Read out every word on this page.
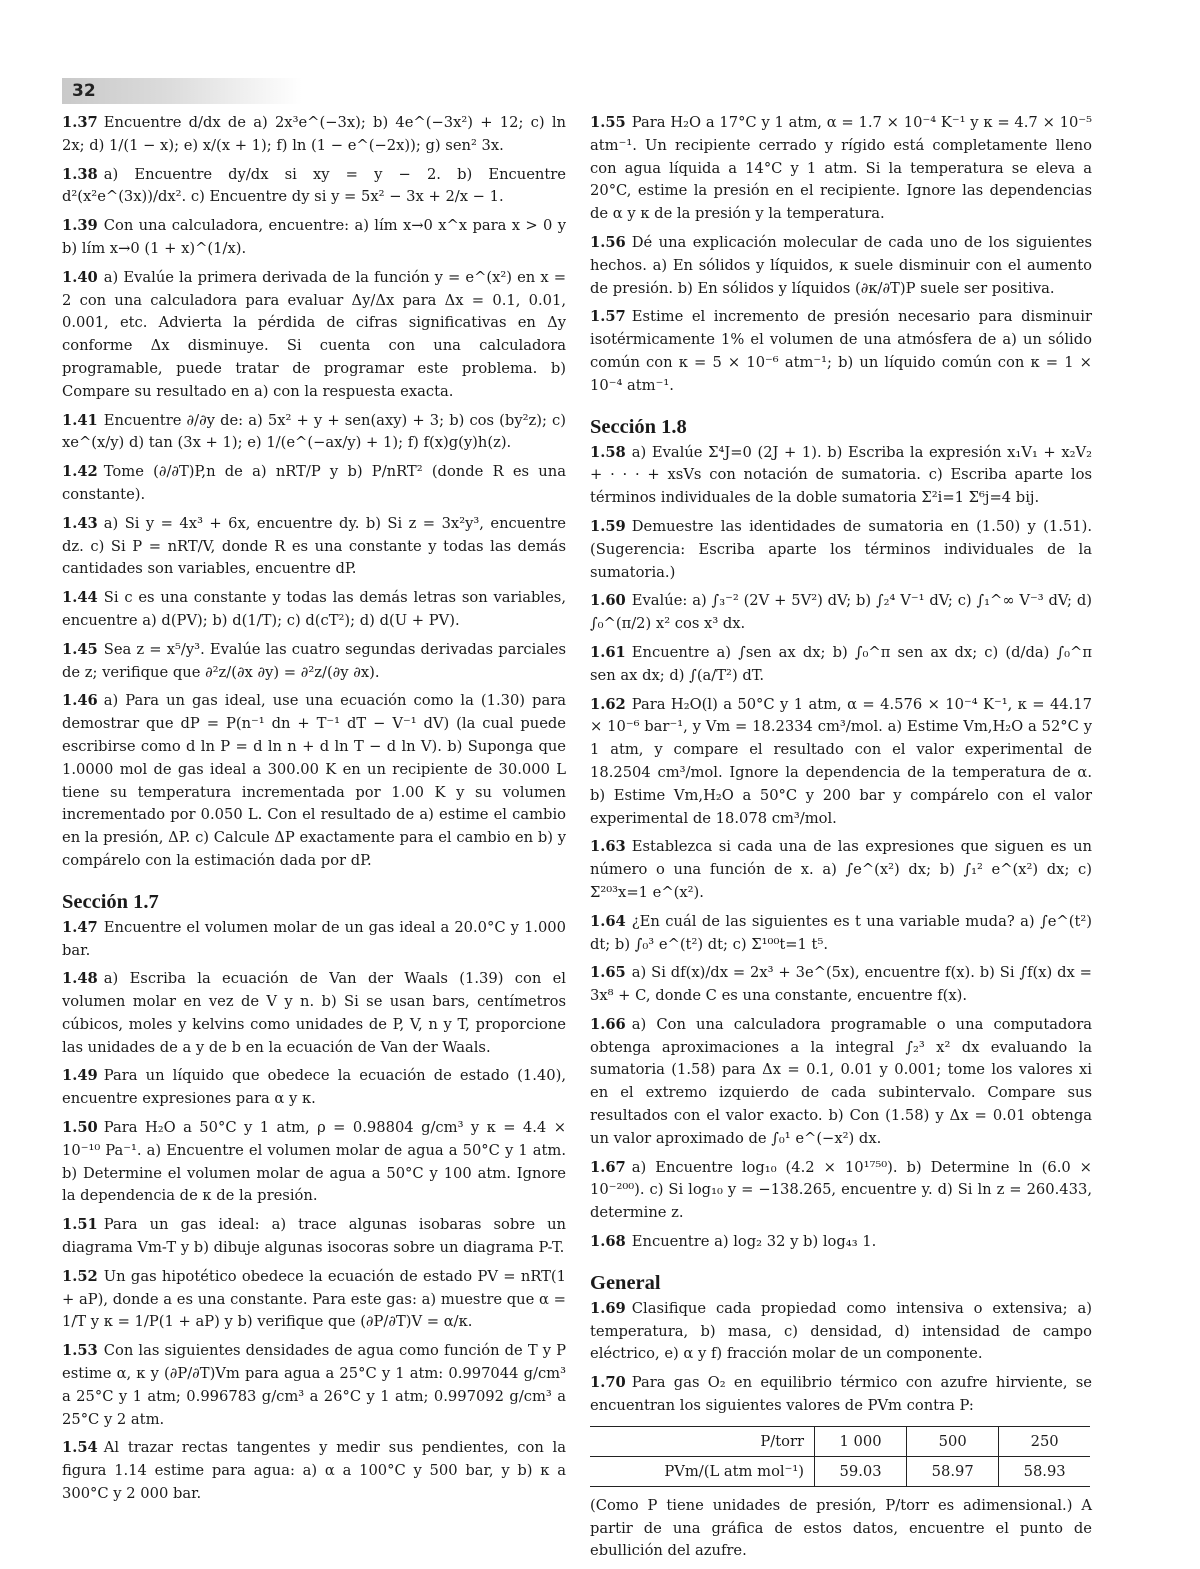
32

1.37 Encuentre d/dx de a) 2x³e^(−3x); b) 4e^(−3x²) + 12; c) ln 2x; d) 1/(1 − x); e) x/(x + 1); f) ln (1 − e^(−2x)); g) sen² 3x.

1.38 a) Encuentre dy/dx si xy = y − 2. b) Encuentre d²(x²e^(3x))/dx². c) Encuentre dy si y = 5x² − 3x + 2/x − 1.

1.39 Con una calculadora, encuentre: a) lím x→0 x^x para x > 0 y b) lím x→0 (1 + x)^(1/x).

1.40 a) Evalúe la primera derivada de la función y = e^(x²) en x = 2 con una calculadora para evaluar Δy/Δx para Δx = 0.1, 0.01, 0.001, etc. Advierta la pérdida de cifras significativas en Δy conforme Δx disminuye. Si cuenta con una calculadora programable, puede tratar de programar este problema. b) Compare su resultado en a) con la respuesta exacta.

1.41 Encuentre ∂/∂y de: a) 5x² + y + sen(axy) + 3; b) cos (by²z); c) xe^(x/y) d) tan (3x + 1); e) 1/(e^(−ax/y) + 1); f) f(x)g(y)h(z).

1.42 Tome (∂/∂T)P,n de a) nRT/P y b) P/nRT² (donde R es una constante).

1.43 a) Si y = 4x³ + 6x, encuentre dy. b) Si z = 3x²y³, encuentre dz. c) Si P = nRT/V, donde R es una constante y todas las demás cantidades son variables, encuentre dP.

1.44 Si c es una constante y todas las demás letras son variables, encuentre a) d(PV); b) d(1/T); c) d(cT²); d) d(U + PV).

1.45 Sea z = x⁵/y³. Evalúe las cuatro segundas derivadas parciales de z; verifique que ∂²z/(∂x ∂y) = ∂²z/(∂y ∂x).

1.46 a) Para un gas ideal, use una ecuación como la (1.30) para demostrar que dP = P(n⁻¹ dn + T⁻¹ dT − V⁻¹ dV) (la cual puede escribirse como d ln P = d ln n + d ln T − d ln V). b) Suponga que 1.0000 mol de gas ideal a 300.00 K en un recipiente de 30.000 L tiene su temperatura incrementada por 1.00 K y su volumen incrementado por 0.050 L. Con el resultado de a) estime el cambio en la presión, ΔP. c) Calcule ΔP exactamente para el cambio en b) y compárelo con la estimación dada por dP.

Sección 1.7

1.47 Encuentre el volumen molar de un gas ideal a 20.0°C y 1.000 bar.

1.48 a) Escriba la ecuación de Van der Waals (1.39) con el volumen molar en vez de V y n. b) Si se usan bars, centímetros cúbicos, moles y kelvins como unidades de P, V, n y T, proporcione las unidades de a y de b en la ecuación de Van der Waals.

1.49 Para un líquido que obedece la ecuación de estado (1.40), encuentre expresiones para α y κ.

1.50 Para H₂O a 50°C y 1 atm, ρ = 0.98804 g/cm³ y κ = 4.4 × 10⁻¹⁰ Pa⁻¹. a) Encuentre el volumen molar de agua a 50°C y 1 atm. b) Determine el volumen molar de agua a 50°C y 100 atm. Ignore la dependencia de κ de la presión.

1.51 Para un gas ideal: a) trace algunas isobaras sobre un diagrama Vm-T y b) dibuje algunas isocoras sobre un diagrama P-T.

1.52 Un gas hipotético obedece la ecuación de estado PV = nRT(1 + aP), donde a es una constante. Para este gas: a) muestre que α = 1/T y κ = 1/P(1 + aP) y b) verifique que (∂P/∂T)V = α/κ.

1.53 Con las siguientes densidades de agua como función de T y P estime α, κ y (∂P/∂T)Vm para agua a 25°C y 1 atm: 0.997044 g/cm³ a 25°C y 1 atm; 0.996783 g/cm³ a 26°C y 1 atm; 0.997092 g/cm³ a 25°C y 2 atm.

1.54 Al trazar rectas tangentes y medir sus pendientes, con la figura 1.14 estime para agua: a) α a 100°C y 500 bar, y b) κ a 300°C y 2 000 bar.

1.55 Para H₂O a 17°C y 1 atm, α = 1.7 × 10⁻⁴ K⁻¹ y κ = 4.7 × 10⁻⁵ atm⁻¹. Un recipiente cerrado y rígido está completamente lleno con agua líquida a 14°C y 1 atm. Si la temperatura se eleva a 20°C, estime la presión en el recipiente. Ignore las dependencias de α y κ de la presión y la temperatura.

1.56 Dé una explicación molecular de cada uno de los siguientes hechos. a) En sólidos y líquidos, κ suele disminuir con el aumento de presión. b) En sólidos y líquidos (∂κ/∂T)P suele ser positiva.

1.57 Estime el incremento de presión necesario para disminuir isotérmicamente 1% el volumen de una atmósfera de a) un sólido común con κ = 5 × 10⁻⁶ atm⁻¹; b) un líquido común con κ = 1 × 10⁻⁴ atm⁻¹.

Sección 1.8

1.58 a) Evalúe Σ⁴J=0 (2J + 1). b) Escriba la expresión x₁V₁ + x₂V₂ + · · · + xsVs con notación de sumatoria. c) Escriba aparte los términos individuales de la doble sumatoria Σ²i=1 Σ⁶j=4 bij.

1.59 Demuestre las identidades de sumatoria en (1.50) y (1.51). (Sugerencia: Escriba aparte los términos individuales de la sumatoria.)

1.60 Evalúe: a) ∫₃⁻² (2V + 5V²) dV; b) ∫₂⁴ V⁻¹ dV; c) ∫₁^∞ V⁻³ dV; d) ∫₀^(π/2) x² cos x³ dx.

1.61 Encuentre a) ∫sen ax dx; b) ∫₀^π sen ax dx; c) (d/da) ∫₀^π sen ax dx; d) ∫(a/T²) dT.

1.62 Para H₂O(l) a 50°C y 1 atm, α = 4.576 × 10⁻⁴ K⁻¹, κ = 44.17 × 10⁻⁶ bar⁻¹, y Vm = 18.2334 cm³/mol. a) Estime Vm,H₂O a 52°C y 1 atm, y compare el resultado con el valor experimental de 18.2504 cm³/mol. Ignore la dependencia de la temperatura de α. b) Estime Vm,H₂O a 50°C y 200 bar y compárelo con el valor experimental de 18.078 cm³/mol.

1.63 Establezca si cada una de las expresiones que siguen es un número o una función de x. a) ∫e^(x²) dx; b) ∫₁² e^(x²) dx; c) Σ²⁰³x=1 e^(x²).

1.64 ¿En cuál de las siguientes es t una variable muda? a) ∫e^(t²) dt; b) ∫₀³ e^(t²) dt; c) Σ¹⁰⁰t=1 t⁵.

1.65 a) Si df(x)/dx = 2x³ + 3e^(5x), encuentre f(x). b) Si ∫f(x) dx = 3x⁸ + C, donde C es una constante, encuentre f(x).

1.66 a) Con una calculadora programable o una computadora obtenga aproximaciones a la integral ∫₂³ x² dx evaluando la sumatoria (1.58) para Δx = 0.1, 0.01 y 0.001; tome los valores xi en el extremo izquierdo de cada subintervalo. Compare sus resultados con el valor exacto. b) Con (1.58) y Δx = 0.01 obtenga un valor aproximado de ∫₀¹ e^(−x²) dx.

1.67 a) Encuentre log₁₀ (4.2 × 10¹⁷⁵⁰). b) Determine ln (6.0 × 10⁻²⁰⁰). c) Si log₁₀ y = −138.265, encuentre y. d) Si ln z = 260.433, determine z.

1.68 Encuentre a) log₂ 32 y b) log₄₃ 1.

General

1.69 Clasifique cada propiedad como intensiva o extensiva; a) temperatura, b) masa, c) densidad, d) intensidad de campo eléctrico, e) α y f) fracción molar de un componente.

1.70 Para gas O₂ en equilibrio térmico con azufre hirviente, se encuentran los siguientes valores de PVm contra P:

P/torr	1 000	500	250
PVm/(L atm mol⁻¹)	59.03	58.97	58.93

(Como P tiene unidades de presión, P/torr es adimensional.) A partir de una gráfica de estos datos, encuentre el punto de ebullición del azufre.
